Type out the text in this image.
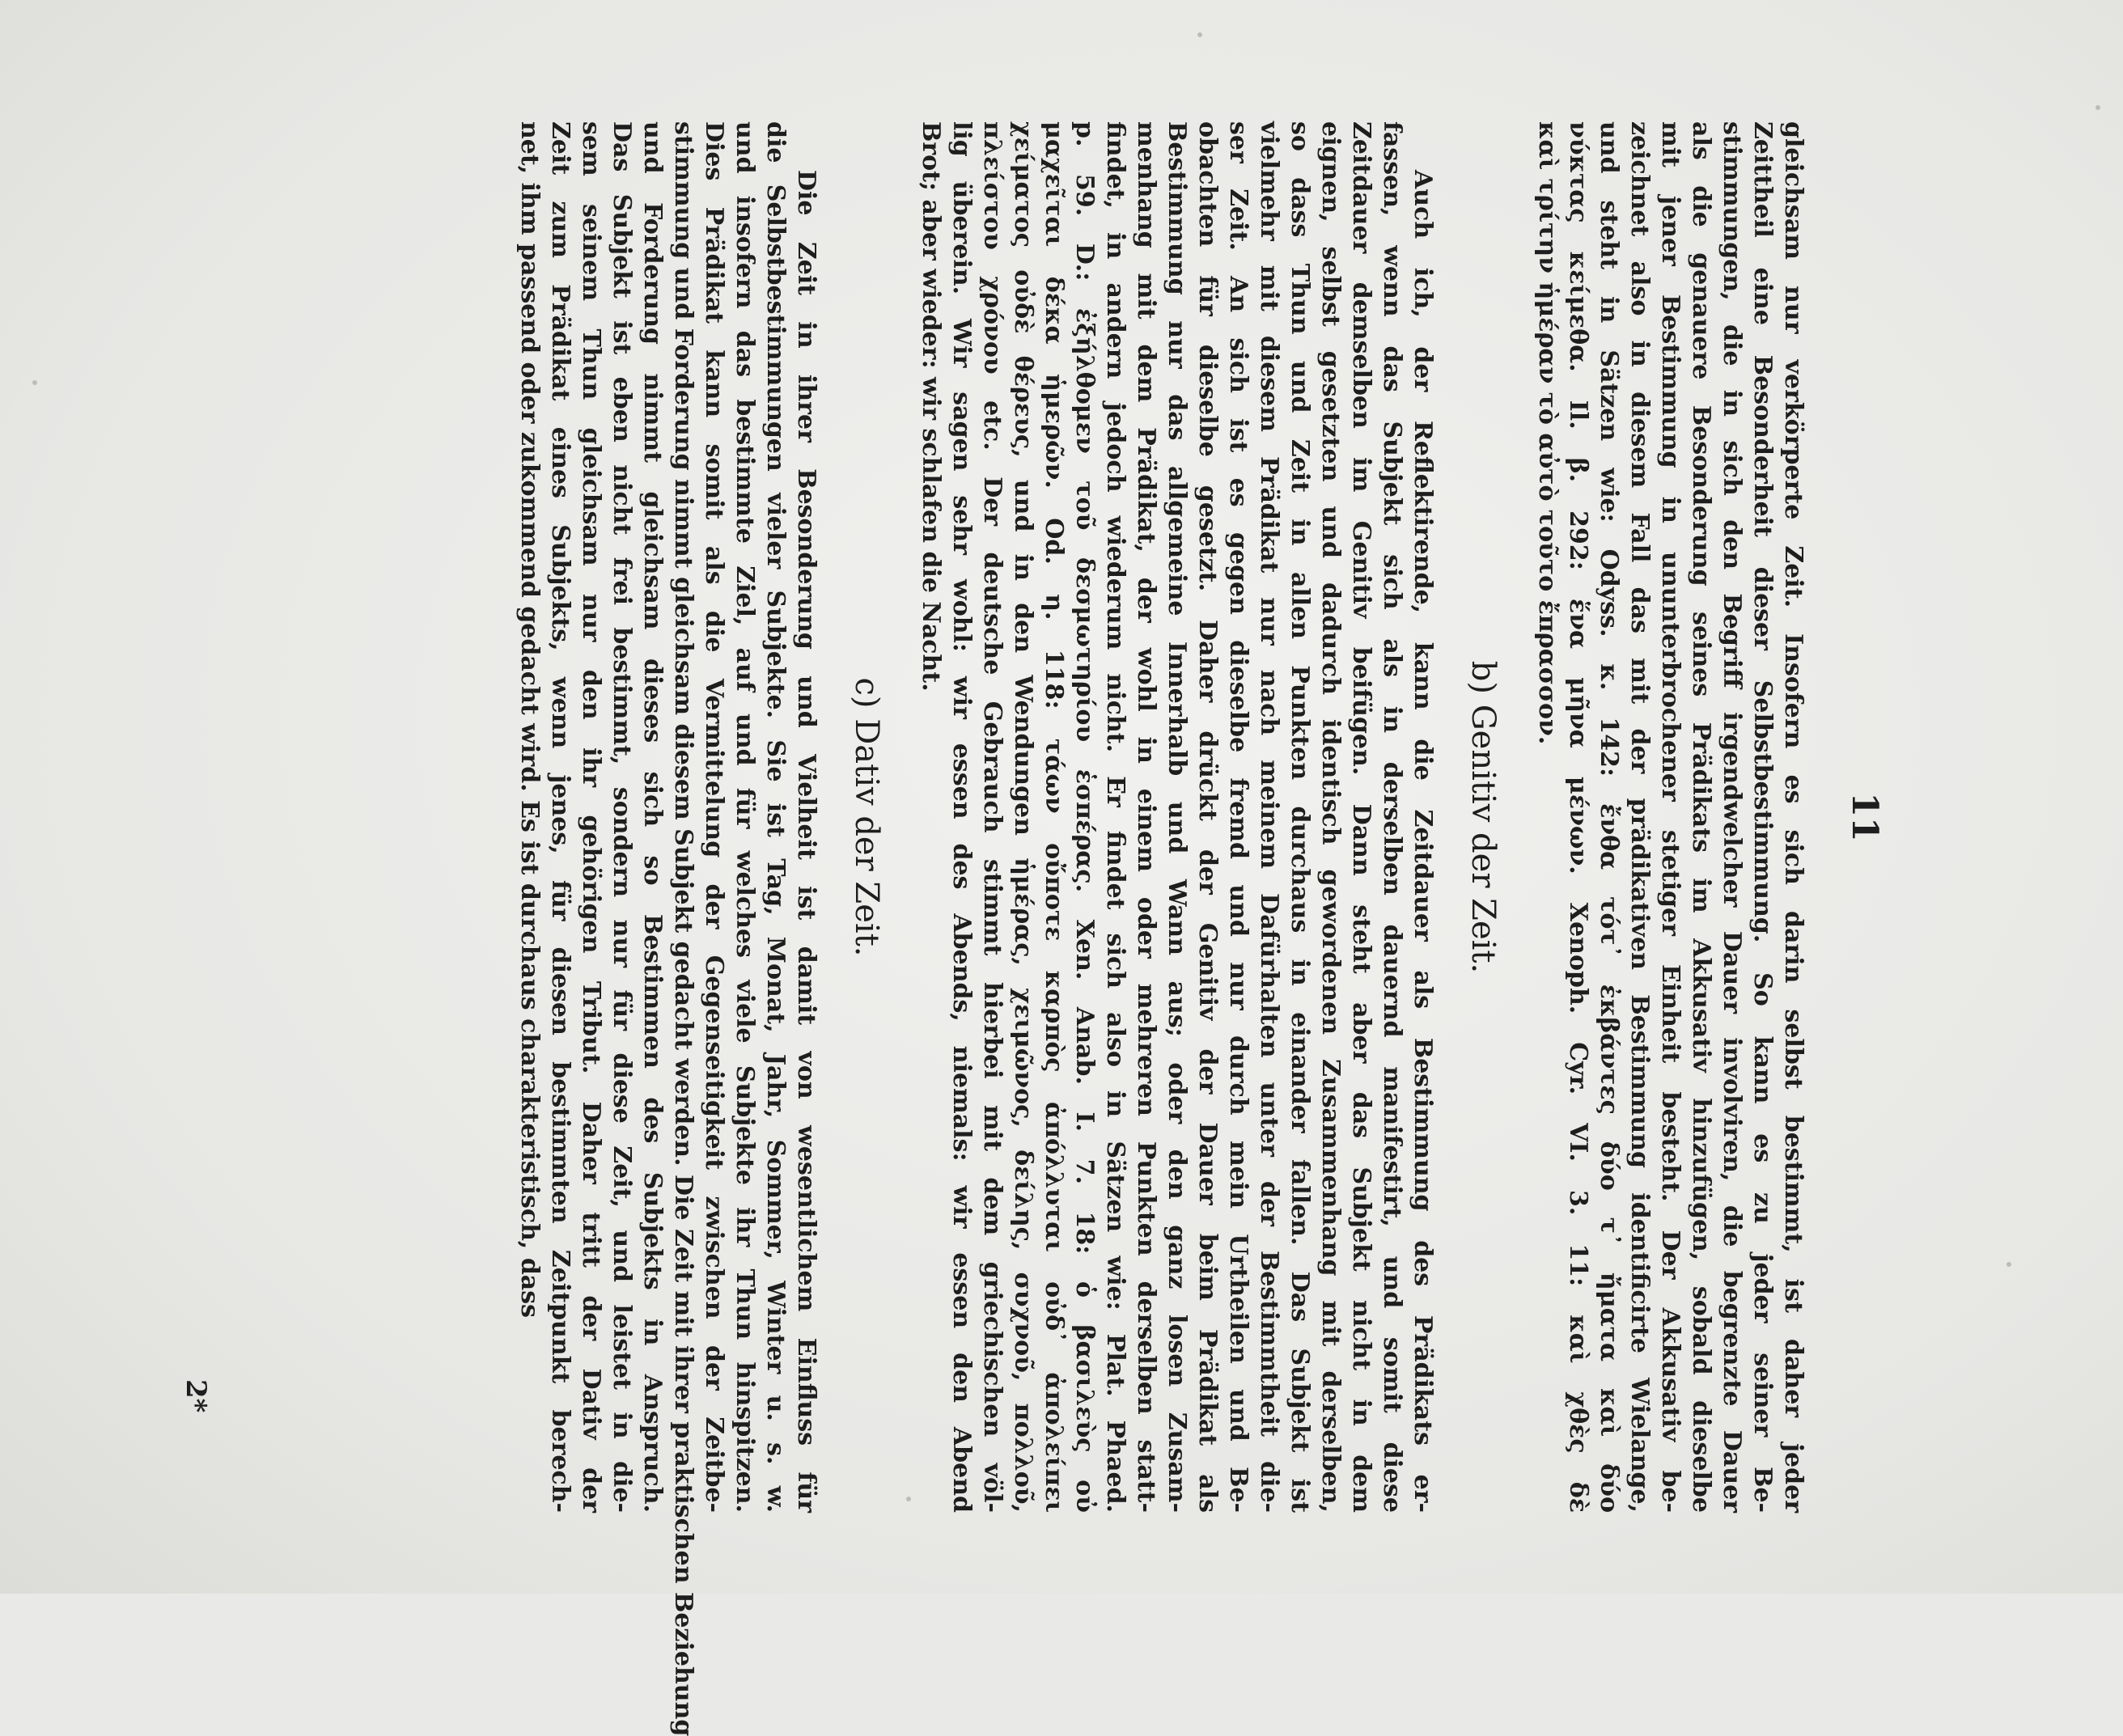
11
2*	gleichsam nur verkörperte Zeit. Insofern es sich darin selbst bestimmt, ist daher jeder
Zeittheil eine Besonderheit dieser Selbstbestimmung. So kann es zu jeder seiner Be-
stimmungen, die in sich den Begriff irgendwelcher Dauer involviren, die begrenzte Dauer
als die genauere Besonderung seines Prädikats im Akkusativ hinzufügen, sobald dieselbe
mit jener Bestimmung in ununterbrochener stetiger Einheit besteht. Der Akkusativ be-
zeichnet also in diesem Fall das mit der prädikativen Bestimmung identificirte Wielange,
und steht in Sätzen wie: Odyss. κ. 142: ἔνθα τότ᾽ ἐκβάντες δύο τ᾽ ἤματα καὶ δύο
νύκτας κείμεθα. Il. β. 292: ἕνα μῆνα μένων. Xenoph. Cyr. VI. 3. 11: καὶ χθὲς δὲ
καὶ τρίτην ἡμέραν τὸ αὐτὸ τοῦτο ἔπρασσον.
b) Genitiv der Zeit.
Auch ich, der Reflektirende, kann die Zeitdauer als Bestimmung des Prädikats er-
fassen, wenn das Subjekt sich als in derselben dauernd manifestirt, und somit diese
Zeitdauer demselben im Genitiv beifügen. Dann steht aber das Subjekt nicht in dem
eignen, selbst gesetzten und dadurch identisch gewordenen Zusammenhang mit derselben,
so dass Thun und Zeit in allen Punkten durchaus in einander fallen. Das Subjekt ist
vielmehr mit diesem Prädikat nur nach meinem Dafürhalten unter der Bestimmtheit die-
ser Zeit. An sich ist es gegen dieselbe fremd und nur durch mein Urtheilen und Be-
obachten für dieselbe gesetzt. Daher drückt der Genitiv der Dauer beim Prädikat als
Bestimmung nur das allgemeine Innerhalb und Wann aus; oder den ganz losen Zusam-
menhang mit dem Prädikat, der wohl in einem oder mehreren Punkten derselben statt-
findet, in andern jedoch wiederum nicht. Er findet sich also in Sätzen wie: Plat. Phaed.
p. 59. D.: ἐξήλθομεν τοῦ δεσμωτηρίου ἑσπέρας. Xen. Anab. I. 7. 18: ὁ βασιλεὺς οὐ
μαχεῖται δέκα ἡμερῶν. Od. η. 118: τάων οὔποτε καρπὸς ἀπόλλυται οὐδ᾽ ἀπολείπει
χείματος οὐδὲ θέρευς, und in den Wendungen ἡμέρας, χειμῶνος, δείλης, συχνοῦ, πολλοῦ,
πλείστου χρόνου etc. Der deutsche Gebrauch stimmt hierbei mit dem griechischen völ-
lig überein. Wir sagen sehr wohl: wir essen des Abends, niemals: wir essen den Abend
Brot; aber wieder: wir schlafen die Nacht.
c) Dativ der Zeit.
Die Zeit in ihrer Besonderung und Vielheit ist damit von wesentlichem Einfluss für
die Selbstbestimmungen vieler Subjekte. Sie ist Tag, Monat, Jahr, Sommer, Winter u. s. w.
und insofern das bestimmte Ziel, auf und für welches viele Subjekte ihr Thun hinspitzen.
Dies Prädikat kann somit als die Vermittelung der Gegenseitigkeit zwischen der Zeitbe-
stimmung und Forderung nimmt gleichsam diesem Subjekt gedacht werden. Die Zeit mit ihrer praktischen Beziehung
und Forderung nimmt gleichsam dieses sich so Bestimmen des Subjekts in Anspruch.
Das Subjekt ist eben nicht frei bestimmt, sondern nur für diese Zeit, und leistet in die-
sem seinem Thun gleichsam nur den ihr gehörigen Tribut. Daher tritt der Dativ der
Zeit zum Prädikat eines Subjekts, wenn jenes, für diesen bestimmten Zeitpunkt berech-
net, ihm passend oder zukommend gedacht wird. Es ist durchaus charakteristisch, dass
